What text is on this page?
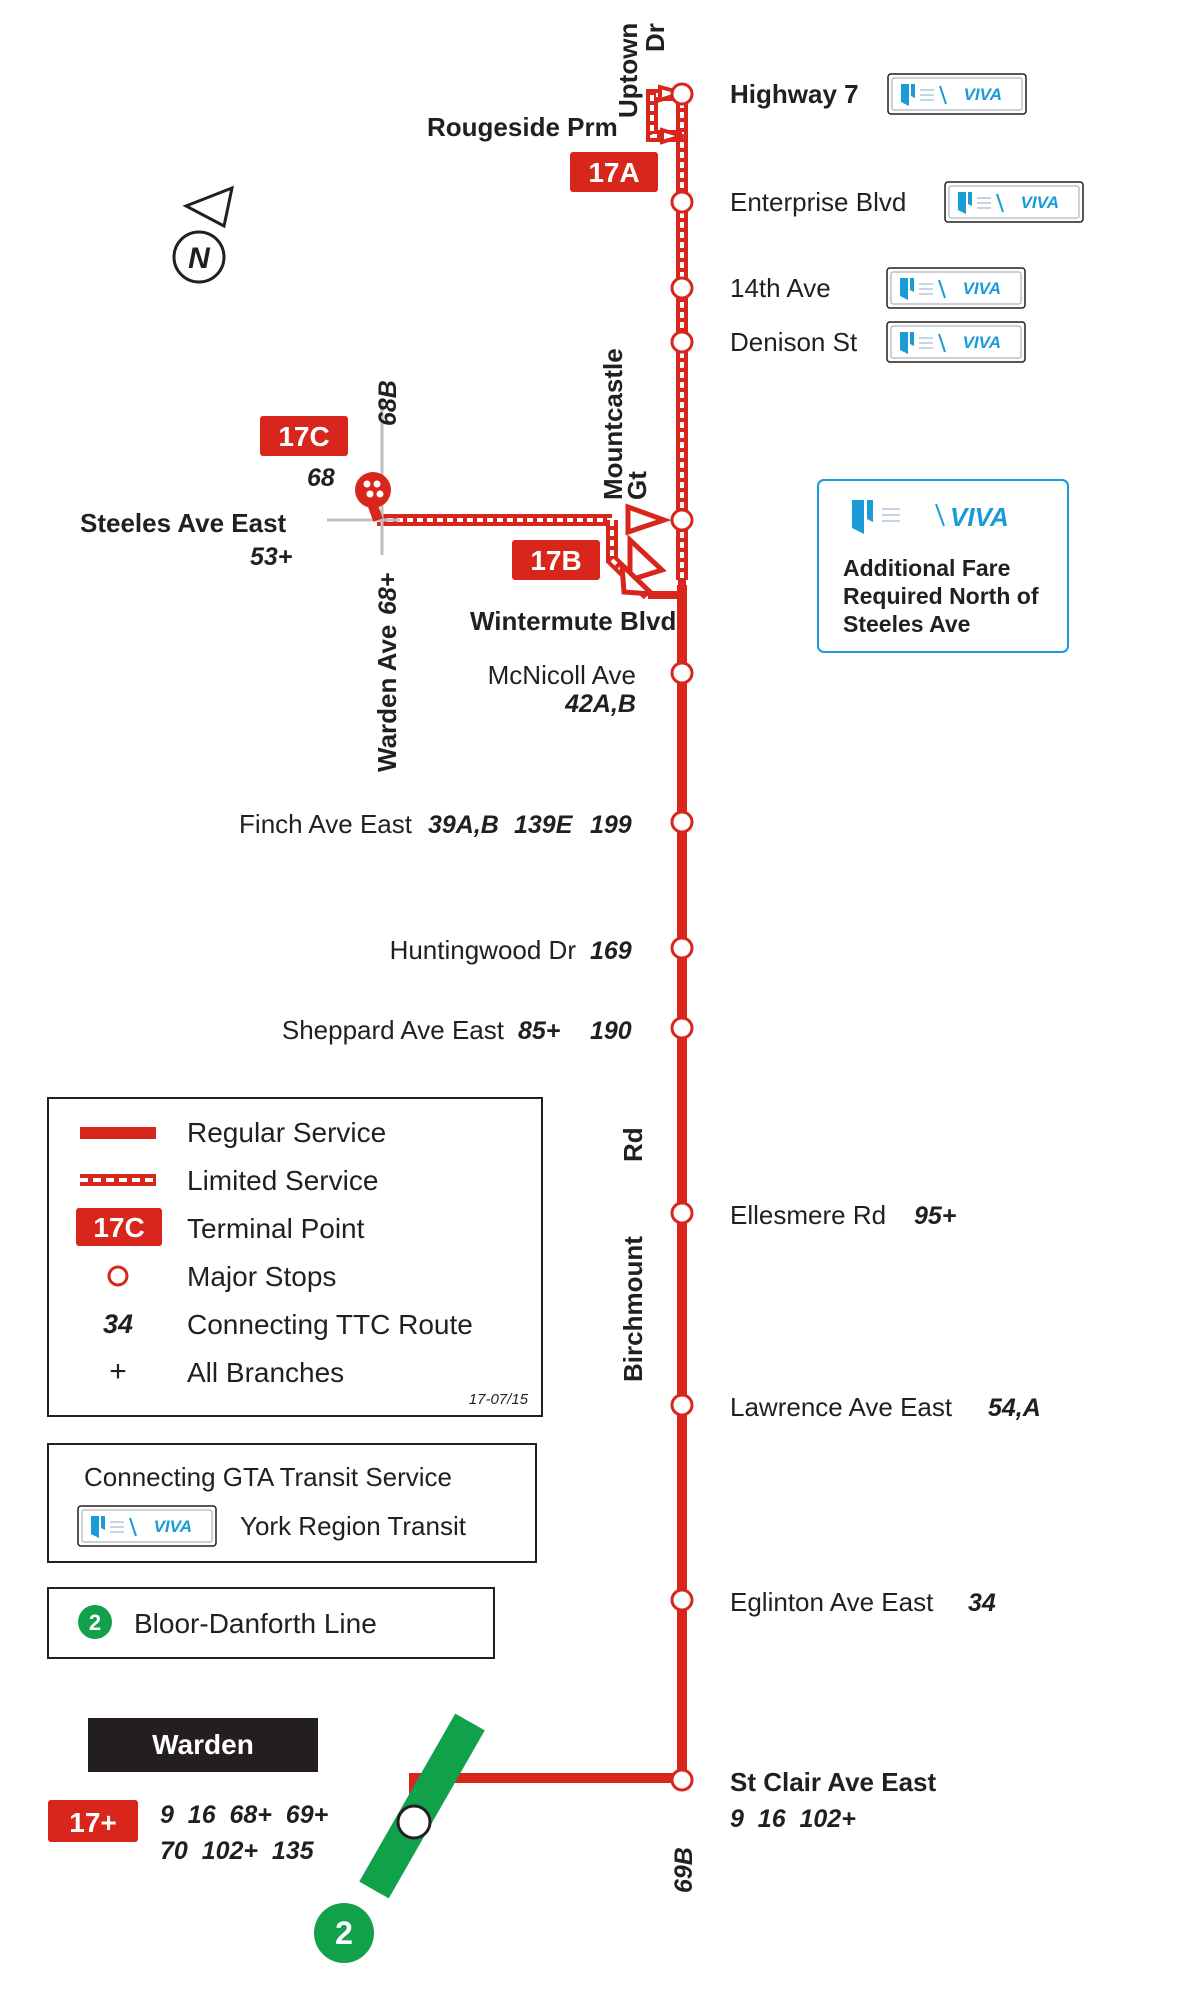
2
N
Uptown
Dr
Rougeside Prm
Mountcastle
Gt
Steeles Ave East
53+
68B
68
Warden Ave
68+
Wintermute Blvd
Birchmount
Rd
69B
17A
17B
17C
17+
Highway 7	VIVA
Enterprise Blvd	VIVA
14th Ave	VIVA
Denison St	VIVA
VIVA
Additional Fare
Required North of
Steeles Ave
McNicoll Ave
42A,B
Finch Ave East 39A,B 139E 199
Huntingwood Dr 169
Sheppard Ave East 85+ 190
Ellesmere Rd 95+
Lawrence Ave East 54,A
Eglinton Ave East 34
St Clair Ave East
9  16  102+
Regular Service
Limited Service
17C Terminal Point
Major Stops
34 Connecting TTC Route
+ All Branches
17-07/15
Connecting GTA Transit Service
VIVA York Region Transit
2 Bloor-Danforth Line
Warden
9  16  68+  69+
70  102+  135
